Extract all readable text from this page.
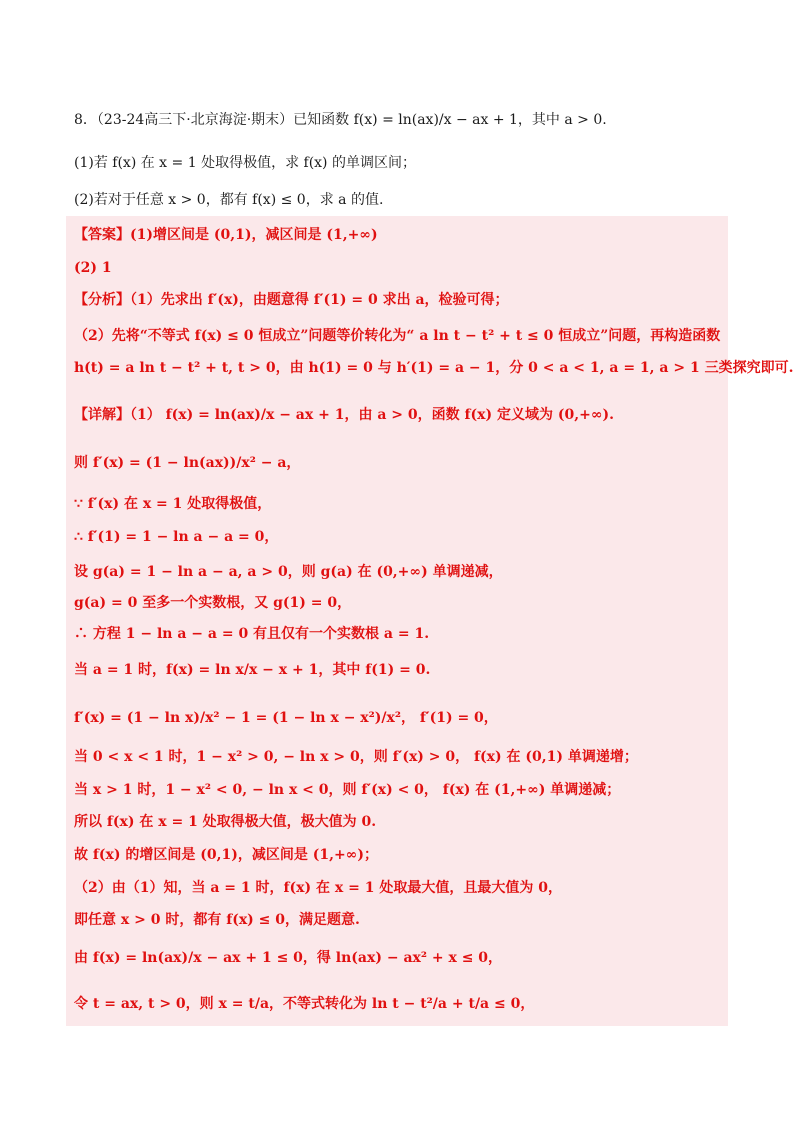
8．（23-24高三下·北京海淀·期末）已知函数 f(x) = ln(ax)/x − ax + 1，其中 a > 0.
(1)若 f(x) 在 x = 1 处取得极值，求 f(x) 的单调区间；
(2)若对于任意 x > 0，都有 f(x) ≤ 0，求 a 的值.
【答案】(1)增区间是 (0,1)，减区间是 (1,+∞)
(2) 1
【分析】（1）先求出 f′(x)，由题意得 f′(1) = 0 求出 a，检验可得；
（2）先将“不等式 f(x) ≤ 0 恒成立”问题等价转化为“ a ln t − t² + t ≤ 0 恒成立”问题，再构造函数
h(t) = a ln t − t² + t, t > 0，由 h(1) = 0 与 h′(1) = a − 1，分 0 < a < 1, a = 1, a > 1 三类探究即可.
【详解】（1） f(x) = ln(ax)/x − ax + 1，由 a > 0，函数 f(x) 定义域为 (0,+∞).
则 f′(x) = (1 − ln(ax))/x² − a，
∵ f′(x) 在 x = 1 处取得极值，
∴ f′(1) = 1 − ln a − a = 0，
设 g(a) = 1 − ln a − a, a > 0，则 g(a) 在 (0,+∞) 单调递减，
g(a) = 0 至多一个实数根，又 g(1) = 0，
∴ 方程 1 − ln a − a = 0 有且仅有一个实数根 a = 1.
当 a = 1 时，f(x) = ln x/x − x + 1，其中 f(1) = 0.
f′(x) = (1 − ln x)/x² − 1 = (1 − ln x − x²)/x²， f′(1) = 0，
当 0 < x < 1 时，1 − x² > 0, − ln x > 0，则 f′(x) > 0， f(x) 在 (0,1) 单调递增；
当 x > 1 时，1 − x² < 0, − ln x < 0，则 f′(x) < 0， f(x) 在 (1,+∞) 单调递减；
所以 f(x) 在 x = 1 处取得极大值，极大值为 0.
故 f(x) 的增区间是 (0,1)，减区间是 (1,+∞)；
（2）由（1）知，当 a = 1 时，f(x) 在 x = 1 处取最大值，且最大值为 0，
即任意 x > 0 时，都有 f(x) ≤ 0，满足题意.
由 f(x) = ln(ax)/x − ax + 1 ≤ 0，得 ln(ax) − ax² + x ≤ 0，
令 t = ax, t > 0，则 x = t/a，不等式转化为 ln t − t²/a + t/a ≤ 0，
